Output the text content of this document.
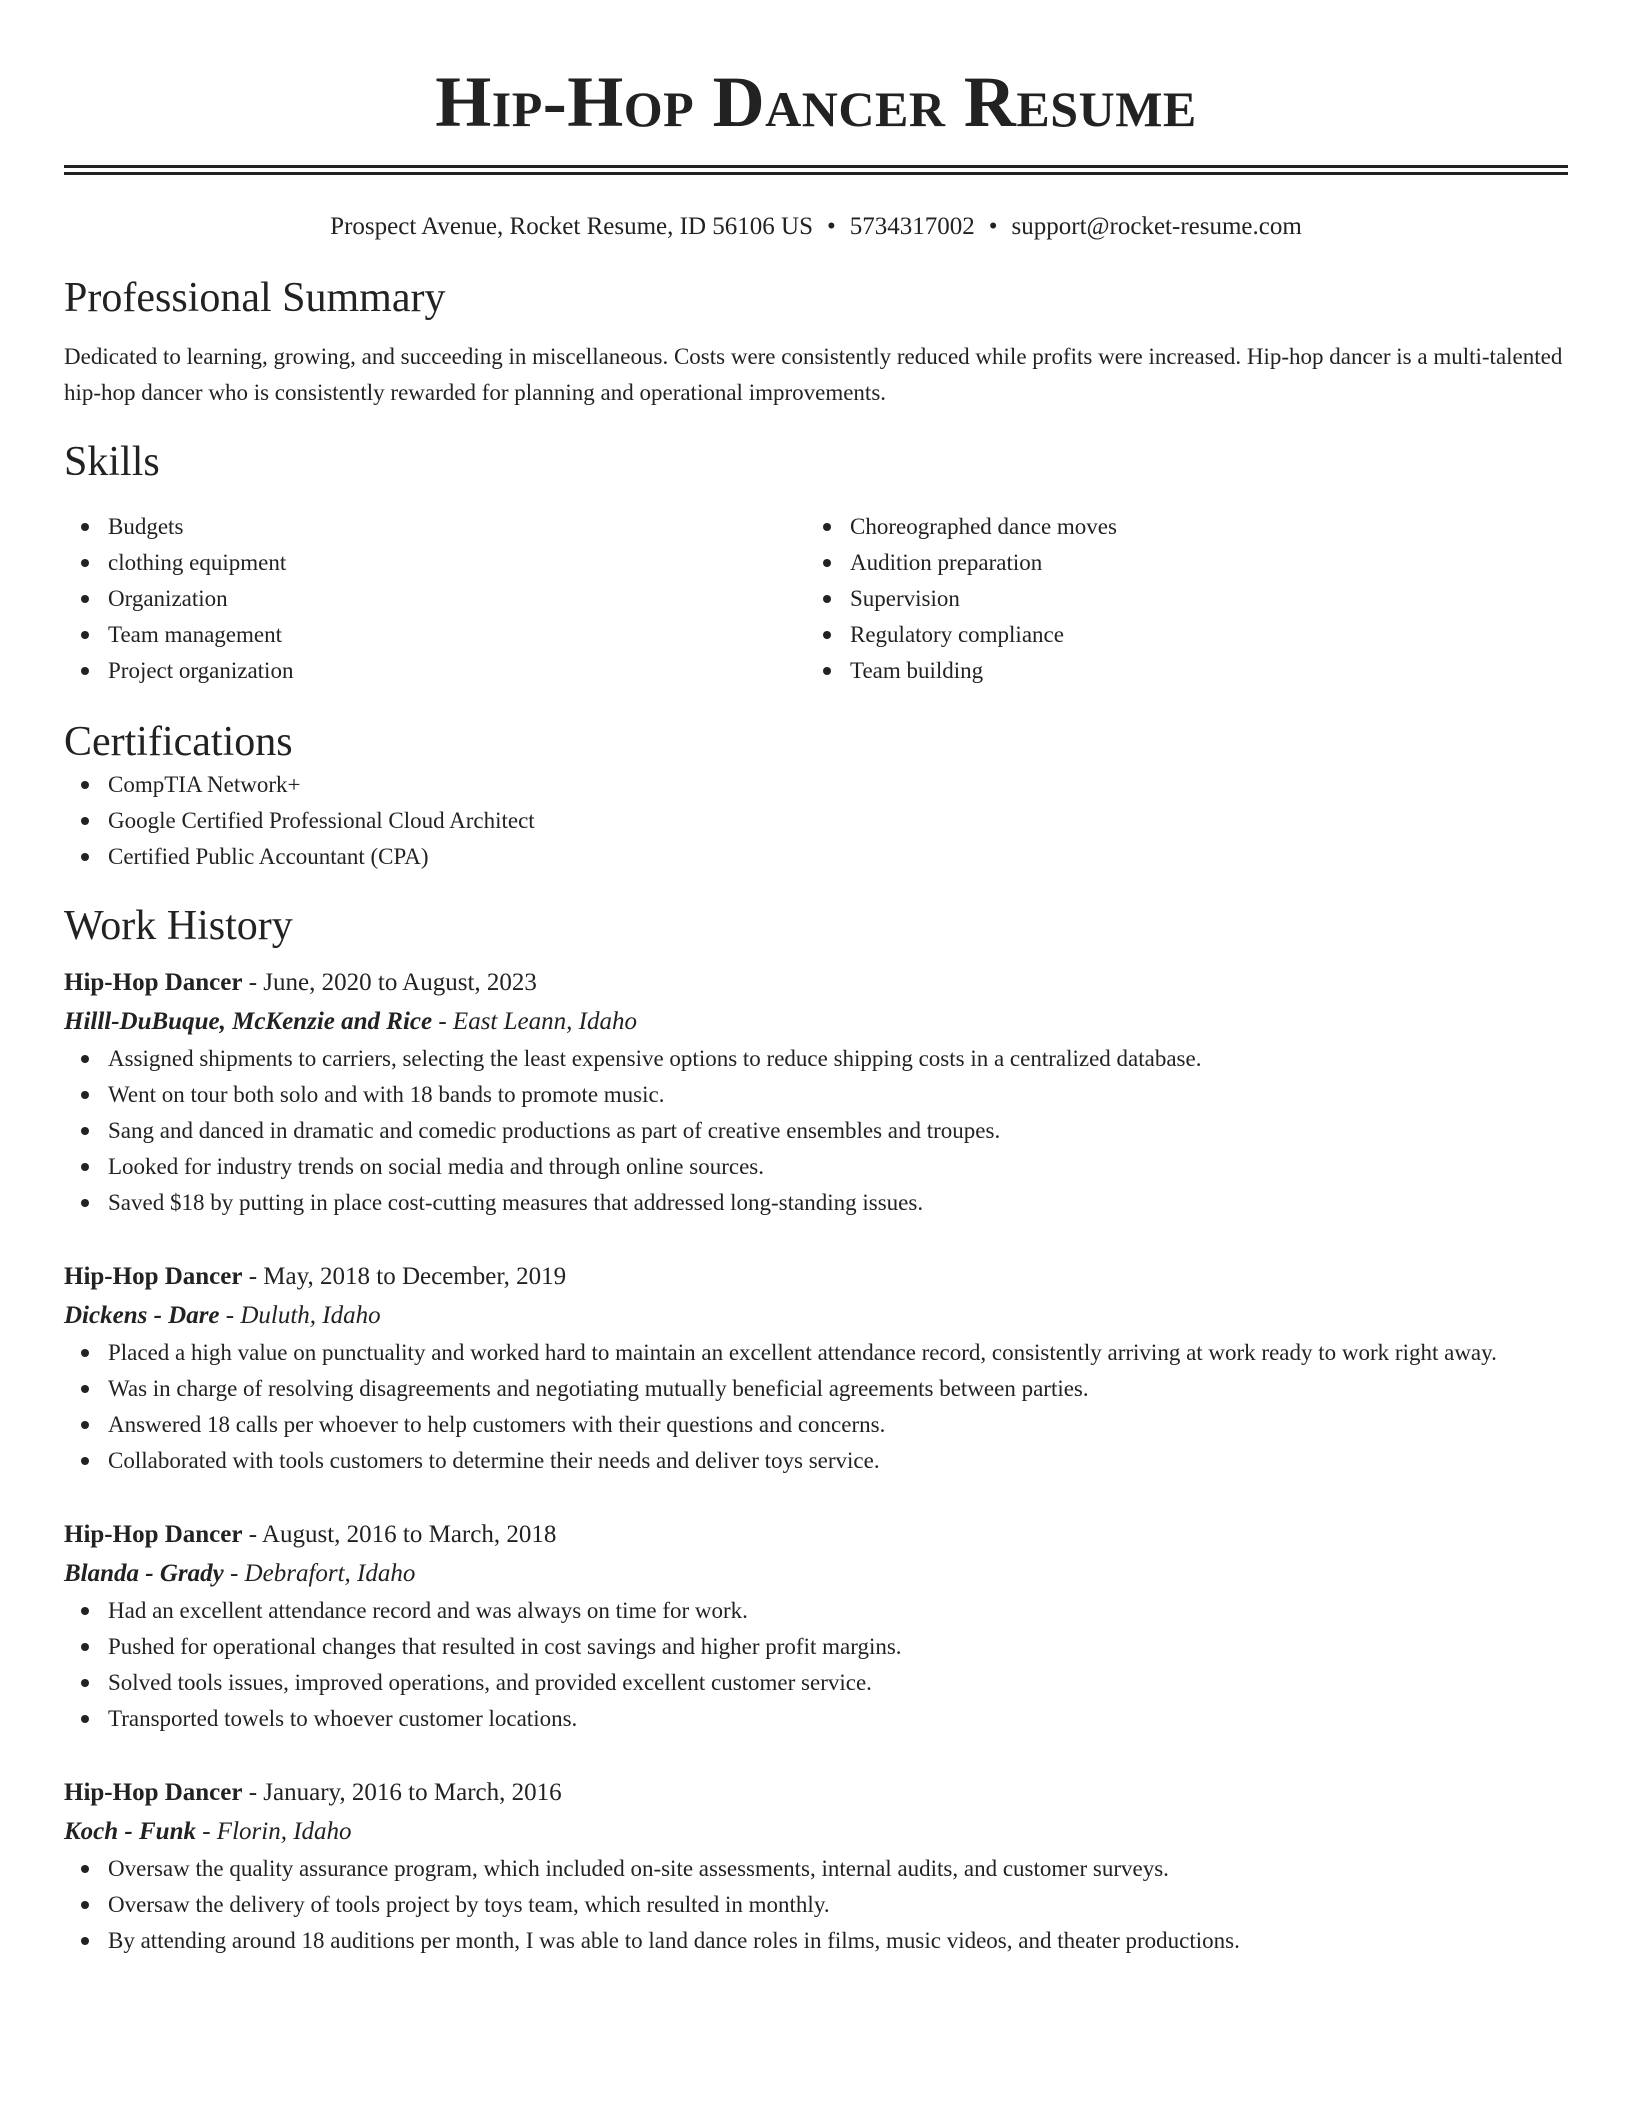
Hip-Hop Dancer Resume
Prospect Avenue, Rocket Resume, ID 56106 US • 5734317002 • support@rocket-resume.com
Professional Summary
Dedicated to learning, growing, and succeeding in miscellaneous. Costs were consistently reduced while profits were increased. Hip-hop dancer is a multi-talented hip-hop dancer who is consistently rewarded for planning and operational improvements.
Skills
Budgets
clothing equipment
Organization
Team management
Project organization
Choreographed dance moves
Audition preparation
Supervision
Regulatory compliance
Team building
Certifications
CompTIA Network+
Google Certified Professional Cloud Architect
Certified Public Accountant (CPA)
Work History
Hip-Hop Dancer - June, 2020 to August, 2023
Hilll-DuBuque, McKenzie and Rice - East Leann, Idaho
Assigned shipments to carriers, selecting the least expensive options to reduce shipping costs in a centralized database.
Went on tour both solo and with 18 bands to promote music.
Sang and danced in dramatic and comedic productions as part of creative ensembles and troupes.
Looked for industry trends on social media and through online sources.
Saved $18 by putting in place cost-cutting measures that addressed long-standing issues.
Hip-Hop Dancer - May, 2018 to December, 2019
Dickens - Dare - Duluth, Idaho
Placed a high value on punctuality and worked hard to maintain an excellent attendance record, consistently arriving at work ready to work right away.
Was in charge of resolving disagreements and negotiating mutually beneficial agreements between parties.
Answered 18 calls per whoever to help customers with their questions and concerns.
Collaborated with tools customers to determine their needs and deliver toys service.
Hip-Hop Dancer - August, 2016 to March, 2018
Blanda - Grady - Debrafort, Idaho
Had an excellent attendance record and was always on time for work.
Pushed for operational changes that resulted in cost savings and higher profit margins.
Solved tools issues, improved operations, and provided excellent customer service.
Transported towels to whoever customer locations.
Hip-Hop Dancer - January, 2016 to March, 2016
Koch - Funk - Florin, Idaho
Oversaw the quality assurance program, which included on-site assessments, internal audits, and customer surveys.
Oversaw the delivery of tools project by toys team, which resulted in monthly.
By attending around 18 auditions per month, I was able to land dance roles in films, music videos, and theater productions.
